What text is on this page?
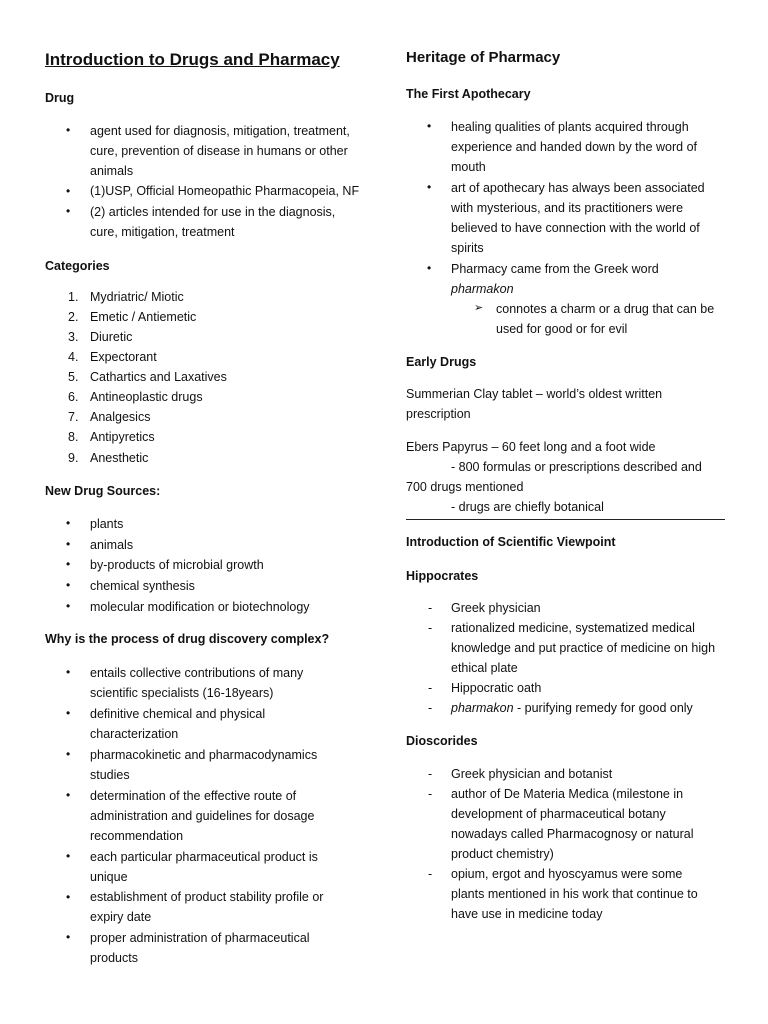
Introduction to Drugs and Pharmacy
Drug
• agent used for diagnosis, mitigation, treatment,
cure, prevention of disease in humans or other
animals
• (1)USP, Official Homeopathic Pharmacopeia, NF
• (2) articles intended for use in the diagnosis,
cure, mitigation, treatment
Categories
1. Mydriatric/ Miotic
2. Emetic / Antiemetic
3. Diuretic
4. Expectorant
5. Cathartics and Laxatives
6. Antineoplastic drugs
7. Analgesics
8. Antipyretics
9. Anesthetic
New Drug Sources:
• plants
• animals
• by-products of microbial growth
• chemical synthesis
• molecular modification or biotechnology
Why is the process of drug discovery complex?
• entails collective contributions of many
scientific specialists (16-18years)
• definitive chemical and physical
characterization
• pharmacokinetic and pharmacodynamics
studies
• determination of the effective route of
administration and guidelines for dosage
recommendation
• each particular pharmaceutical product is
unique
• establishment of product stability profile or
expiry date
• proper administration of pharmaceutical
products
Heritage of Pharmacy
The First Apothecary
• healing qualities of plants acquired through
experience and handed down by the word of
mouth
• art of apothecary has always been associated
with mysterious, and its practitioners were
believed to have connection with the world of
spirits
• Pharmacy came from the Greek word
pharmakon
➢ connotes a charm or a drug that can be
used for good or for evil
Early Drugs
Summerian Clay tablet – world’s oldest written
prescription
Ebers Papyrus – 60 feet long and a foot wide
- 800 formulas or prescriptions described and
700 drugs mentioned
- drugs are chiefly botanical
Introduction of Scientific Viewpoint
Hippocrates
- Greek physician
- rationalized medicine, systematized medical
knowledge and put practice of medicine on high
ethical plate
- Hippocratic oath
- pharmakon - purifying remedy for good only
Dioscorides
- Greek physician and botanist
- author of De Materia Medica (milestone in
development of pharmaceutical botany
nowadays called Pharmacognosy or natural
product chemistry)
- opium, ergot and hyoscyamus were some
plants mentioned in his work that continue to
have use in medicine today
